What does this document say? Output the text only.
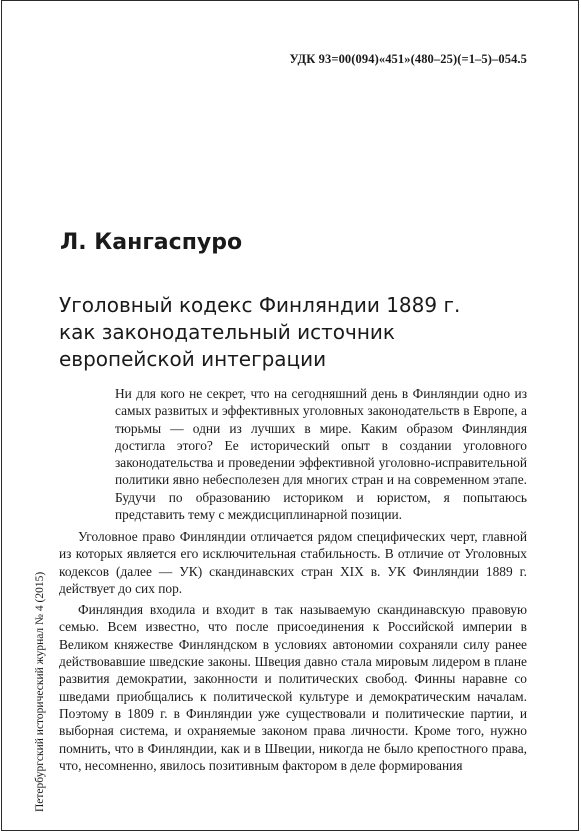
УДК 93=00(094)«451»(480–25)(=1–5)–054.5
Л. Кангаспуро
Уголовный кодекс Финляндии 1889 г.
как законодательный источник
европейской интеграции
Ни для кого не секрет, что на сегодняшний день в Финляндии одно из самых развитых и эффективных уголовных законодательств в Европе, а тюрьмы — одни из лучших в мире. Каким образом Финляндия достигла этого? Ее исторический опыт в создании уголовного законодательства и проведении эффективной уголовно-исправительной политики явно небесполезен для многих стран и на современном этапе. Будучи по образованию историком и юристом, я попытаюсь представить тему с междисциплинарной позиции.

Уголовное право Финляндии отличается рядом специфических черт, главной из которых является его исключительная стабильность. В отличие от Уголовных кодексов (далее — УК) скандинавских стран XIX в. УК Финляндии 1889 г. действует до сих пор.

Финляндия входила и входит в так называемую скандинавскую правовую семью. Всем известно, что после присоединения к Российской империи в Великом княжестве Финляндском в условиях автономии сохраняли силу ранее действовавшие шведские законы. Швеция давно стала мировым лидером в плане развития демократии, законности и политических свобод. Финны наравне со шведами приобщались к политической культуре и демократическим началам. Поэтому в 1809 г. в Финляндии уже существовали и политические партии, и выборная система, и охраняемые законом права личности. Кроме того, нужно помнить, что в Финляндии, как и в Швеции, никогда не было крепостного права, что, несомненно, явилось позитивным фактором в деле формирования

Петербургский исторический журнал № 4 (2015)
